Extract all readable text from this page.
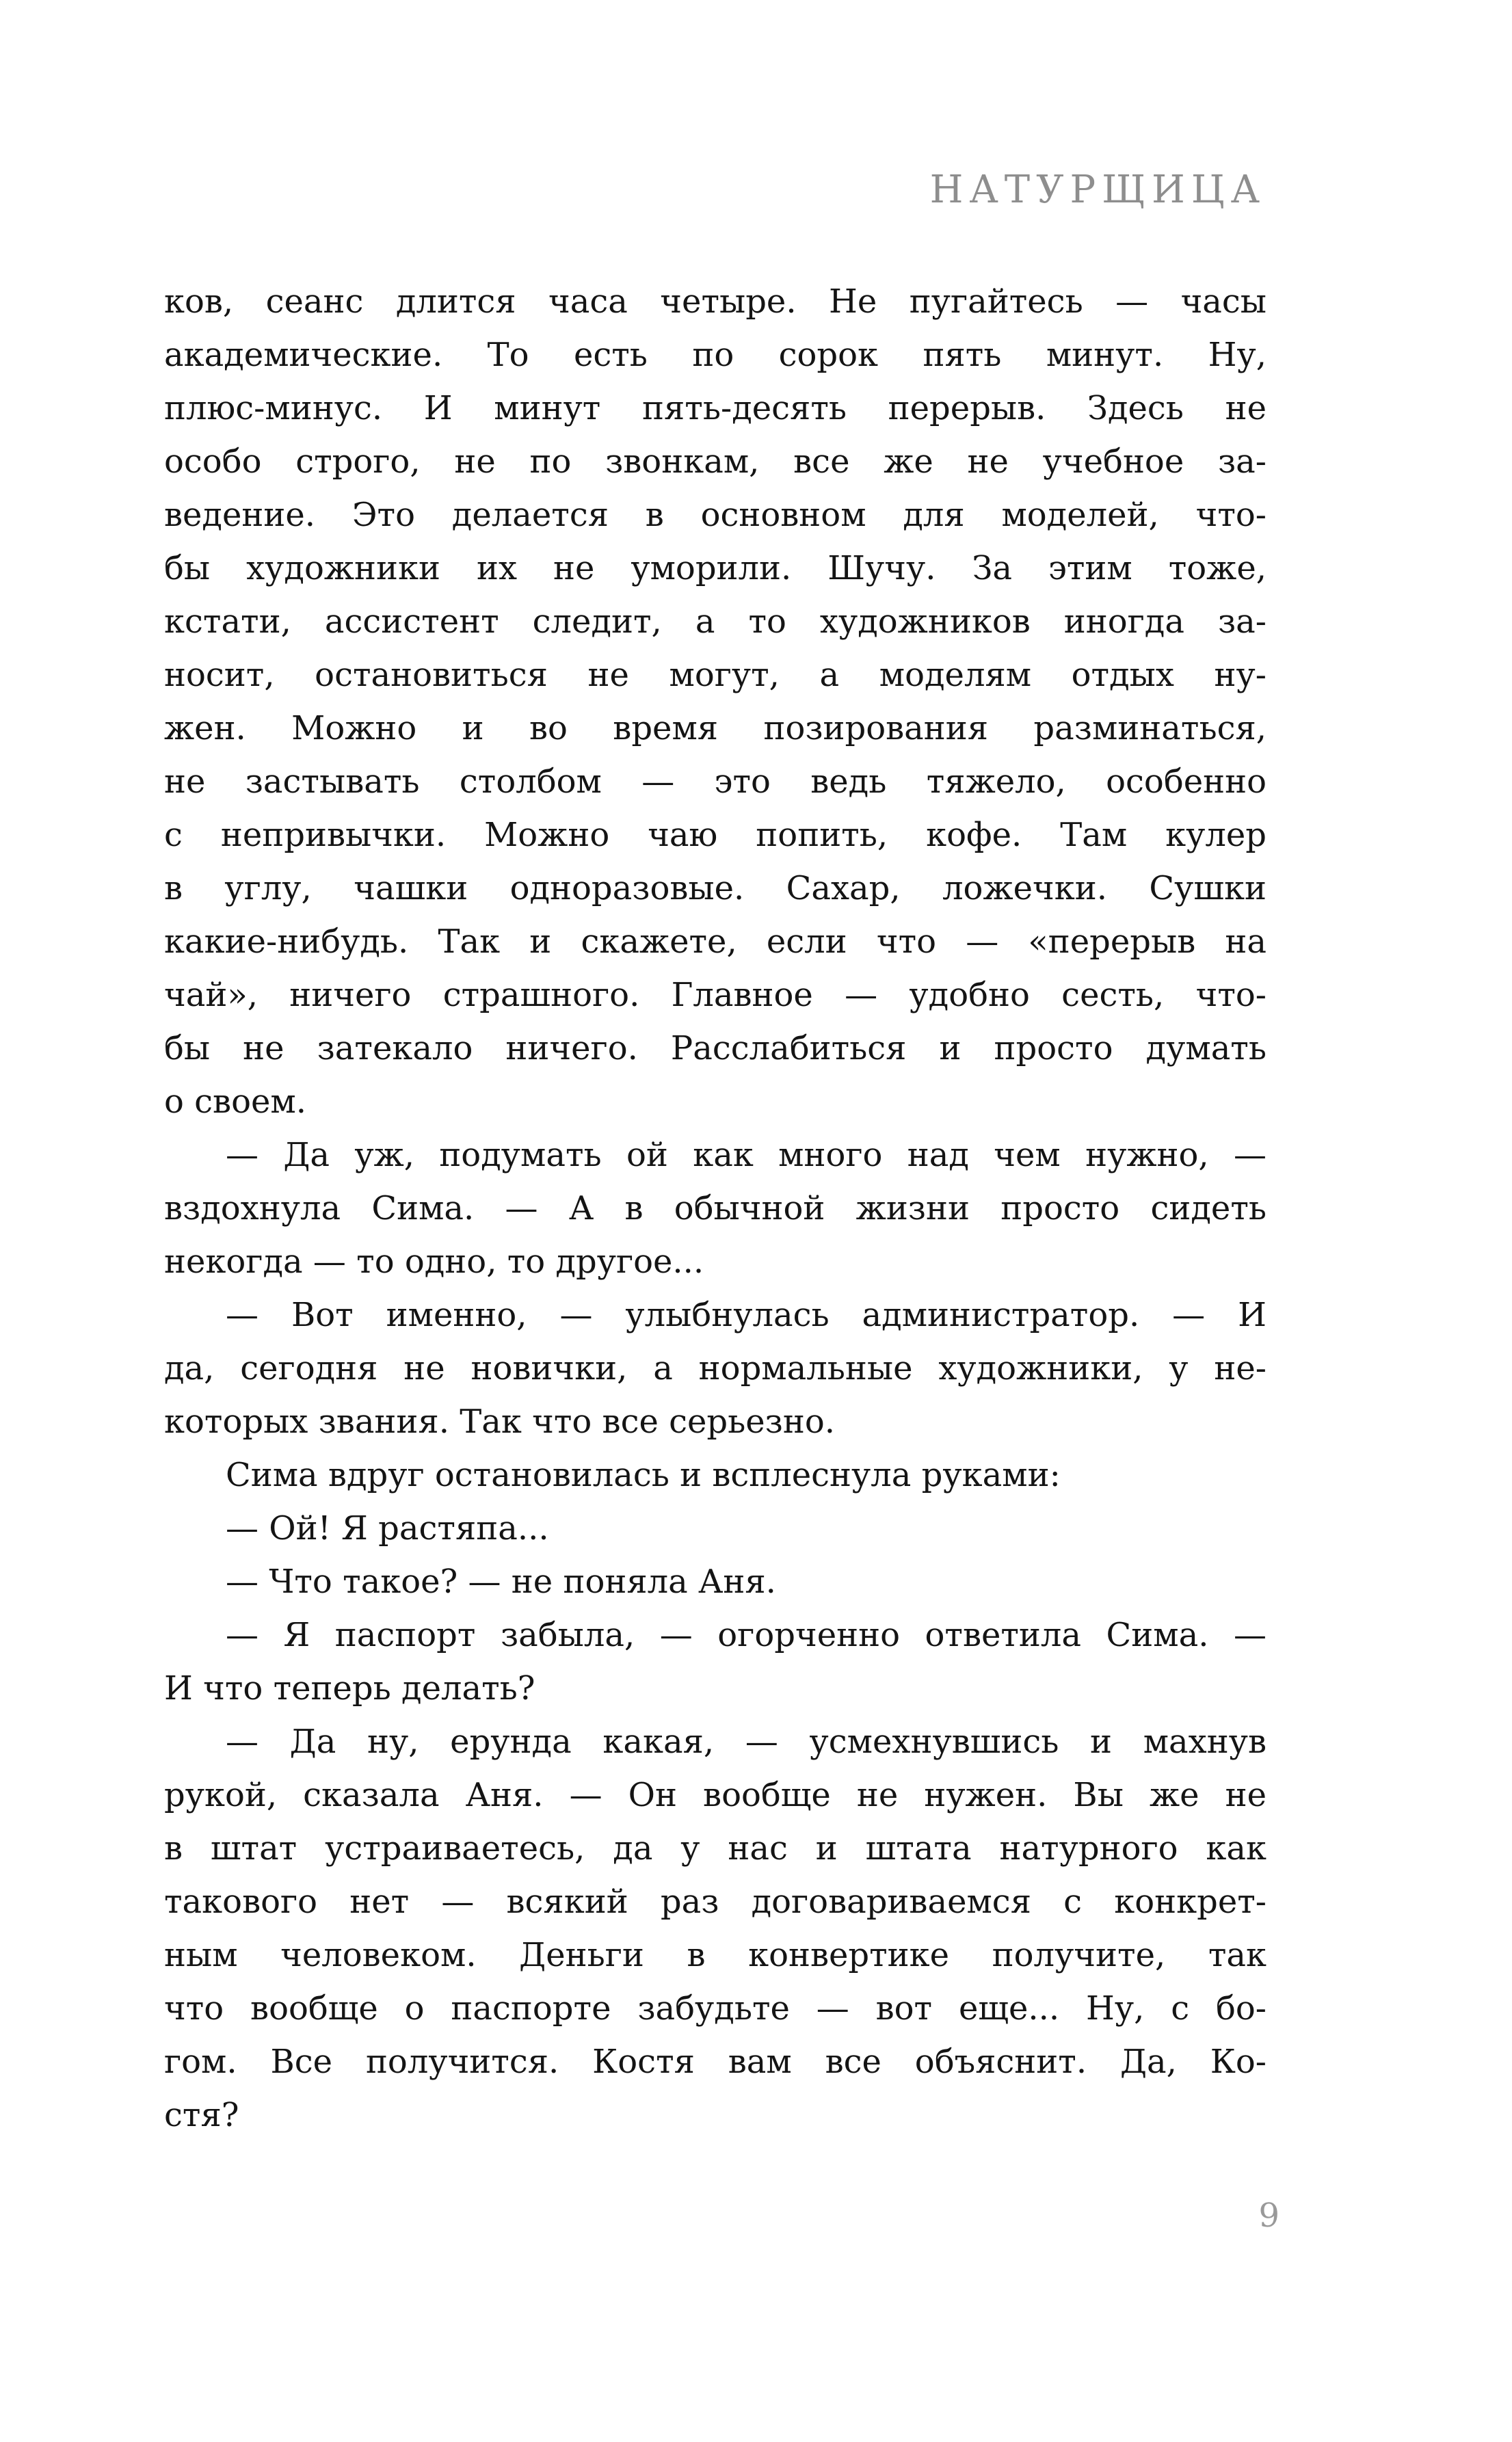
НАТУРЩИЦА
ков, сеанс длится часа четыре. Не пугайтесь — часы
академические. То есть по сорок пять минут. Ну,
плюс-минус. И минут пять-десять перерыв. Здесь не
особо строго, не по звонкам, все же не учебное за-
ведение. Это делается в основном для моделей, что-
бы художники их не уморили. Шучу. За этим тоже,
кстати, ассистент следит, а то художников иногда за-
носит, остановиться не могут, а моделям отдых ну-
жен. Можно и во время позирования разминаться,
не застывать столбом — это ведь тяжело, особенно
с непривычки. Можно чаю попить, кофе. Там кулер
в углу, чашки одноразовые. Сахар, ложечки. Сушки
какие-нибудь. Так и скажете, если что — «перерыв на
чай», ничего страшного. Главное — удобно сесть, что-
бы не затекало ничего. Расслабиться и просто думать
о своем.
— Да уж, подумать ой как много над чем нужно, —
вздохнула Сима. — А в обычной жизни просто сидеть
некогда — то одно, то другое...
— Вот именно, — улыбнулась администратор. — И
да, сегодня не новички, а нормальные художники, у не-
которых звания. Так что все серьезно.
Сима вдруг остановилась и всплеснула руками:
— Ой! Я растяпа...
— Что такое? — не поняла Аня.
— Я паспорт забыла, — огорченно ответила Сима. —
И что теперь делать?
— Да ну, ерунда какая, — усмехнувшись и махнув
рукой, сказала Аня. — Он вообще не нужен. Вы же не
в штат устраиваетесь, да у нас и штата натурного как
такового нет — всякий раз договариваемся с конкрет-
ным человеком. Деньги в конвертике получите, так
что вообще о паспорте забудьте — вот еще... Ну, с бо-
гом. Все получится. Костя вам все объяснит. Да, Ко-
стя?
9
